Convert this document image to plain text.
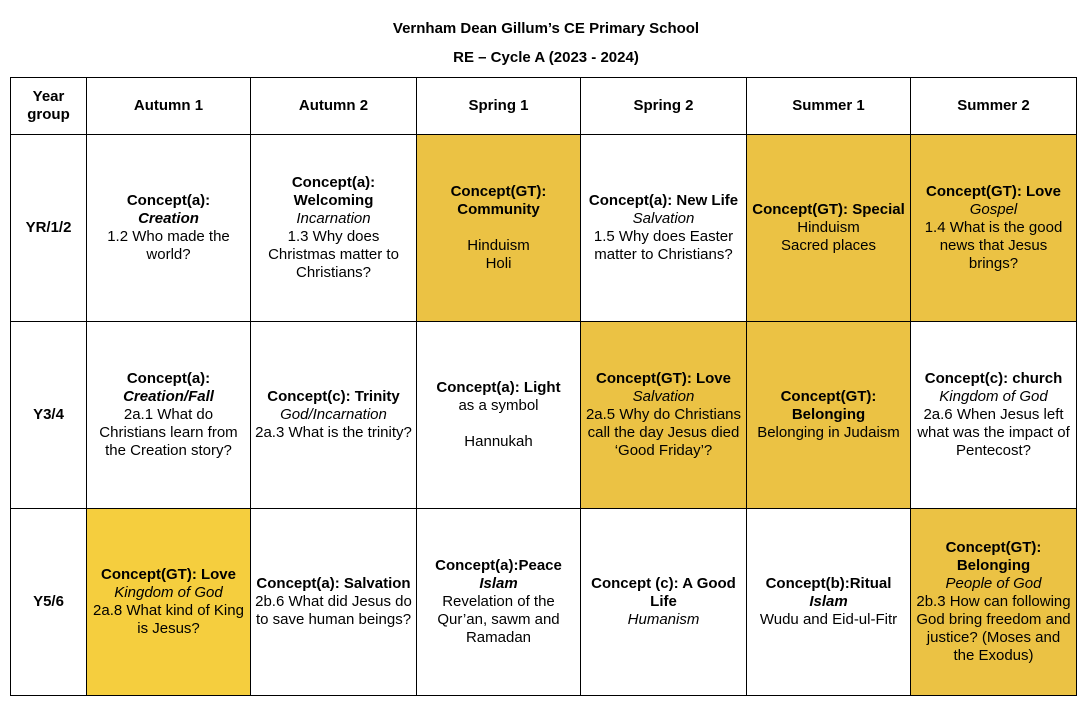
Vernham Dean Gillum’s CE Primary School
RE – Cycle A (2023 - 2024)
Year group	Autumn 1	Autumn 2	Spring 1	Spring 2	Summer 1	Summer 2
YR/1/2	Concept(a):
Creation
1.2 Who made the world?	Concept(a): Welcoming
Incarnation
1.3 Why does Christmas matter to Christians?	Concept(GT): Community
Hinduism
Holi	Concept(a): New Life
Salvation
1.5 Why does Easter matter to Christians?	Concept(GT): Special
Hinduism
Sacred places	Concept(GT): Love
Gospel
1.4 What is the good news that Jesus brings?

Y3/4	Concept(a):
Creation/Fall
2a.1 What do Christians learn from the Creation story?	Concept(c): Trinity
God/Incarnation
2a.3 What is the trinity?	Concept(a): Light
as a symbol
Hannukah	Concept(GT): Love
Salvation
2a.5 Why do Christians call the day Jesus died ‘Good Friday’?	Concept(GT): Belonging
Belonging in Judaism	Concept(c): church
Kingdom of God
2a.6 When Jesus left what was the impact of Pentecost?

Y5/6	Concept(GT): Love
Kingdom of God
2a.8 What kind of King is Jesus?	Concept(a): Salvation
2b.6 What did Jesus do to save human beings?	Concept(a):Peace
Islam
Revelation of the Qur’an, sawm and Ramadan	Concept (c): A Good Life
Humanism	Concept(b):Ritual
Islam
Wudu and Eid-ul-Fitr	Concept(GT): Belonging
People of God
2b.3 How can following God bring freedom and justice? (Moses and the Exodus)
